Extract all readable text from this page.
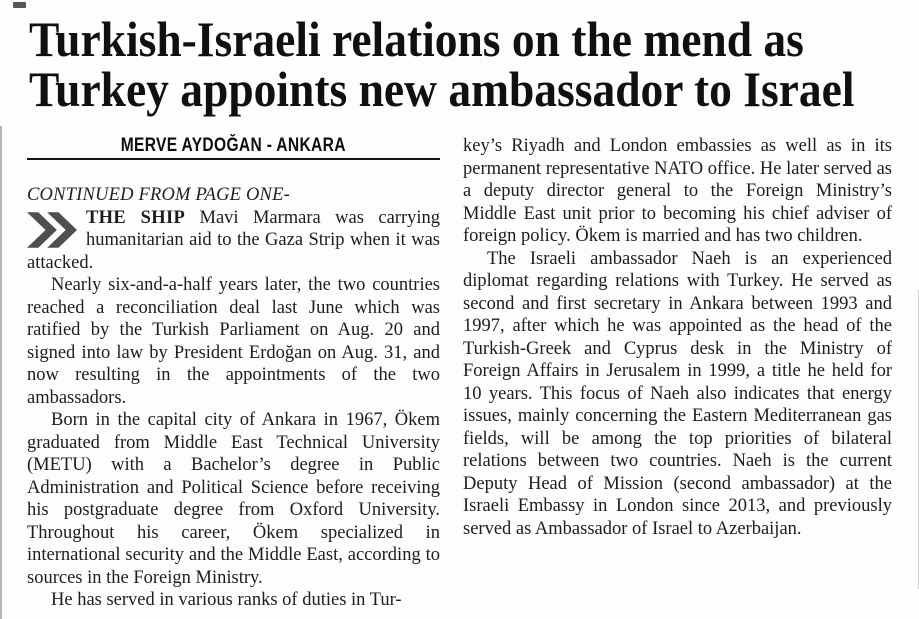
Turkish-Israeli relations on the mend as
Turkey appoints new ambassador to Israel
MERVE AYDOĞAN - ANKARA

CONTINUED FROM PAGE ONE-

THE SHIP Mavi Marmara was carrying humanitarian aid to the Gaza Strip when it was attacked.

Nearly six-and-a-half years later, the two countries reached a reconciliation deal last June which was ratified by the Turkish Parliament on Aug. 20 and signed into law by President Erdoğan on Aug. 31, and now resulting in the appointments of the two ambassadors.

Born in the capital city of Ankara in 1967, Ökem graduated from Middle East Technical University (METU) with a Bachelor’s degree in Public Administration and Political Science before receiving his postgraduate degree from Oxford University. Throughout his career, Ökem specialized in international security and the Middle East, according to sources in the Foreign Ministry.

He has served in various ranks of duties in Tur-

key’s Riyadh and London embassies as well as in its permanent representative NATO office. He later served as a deputy director general to the Foreign Ministry’s Middle East unit prior to becoming his chief adviser of foreign policy. Ökem is married and has two children.

The Israeli ambassador Naeh is an experienced diplomat regarding relations with Turkey. He served as second and first secretary in Ankara between 1993 and 1997, after which he was appointed as the head of the Turkish-Greek and Cyprus desk in the Ministry of Foreign Affairs in Jerusalem in 1999, a title he held for 10 years. This focus of Naeh also indicates that energy issues, mainly concerning the Eastern Mediterranean gas fields, will be among the top priorities of bilateral relations between two countries. Naeh is the current Deputy Head of Mission (second ambassador) at the Israeli Embassy in London since 2013, and previously served as Ambassador of Israel to Azerbaijan.
